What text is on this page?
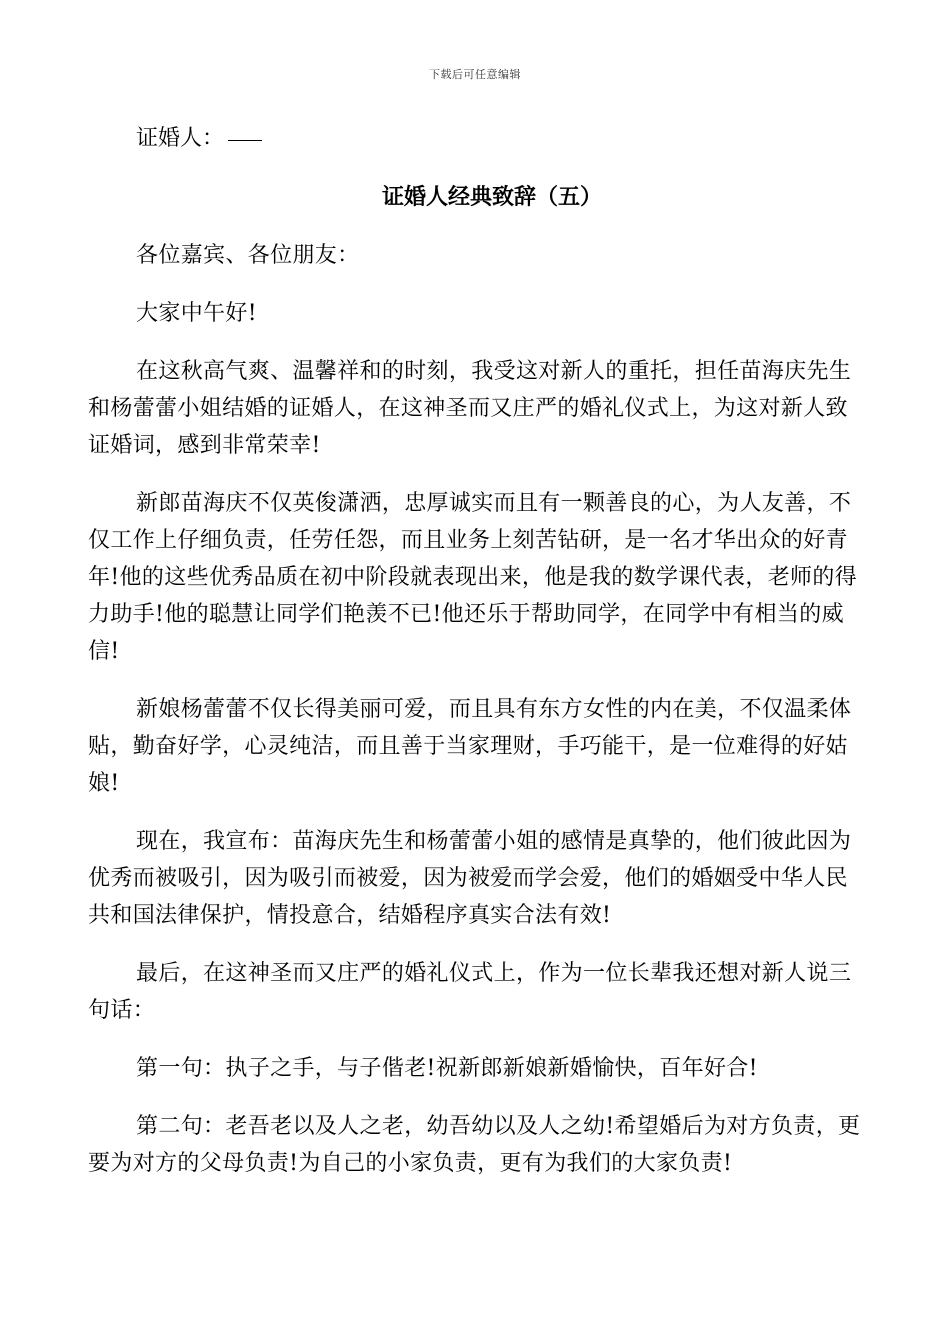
下载后可任意编辑
证婚人：
证婚人经典致辞（五）

各位嘉宾、各位朋友：

大家中午好!

在这秋高气爽、温馨祥和的时刻，我受这对新人的重托，担任苗海庆先生和杨蕾蕾小姐结婚的证婚人，在这神圣而又庄严的婚礼仪式上，为这对新人致证婚词，感到非常荣幸!

新郎苗海庆不仅英俊潇洒，忠厚诚实而且有一颗善良的心，为人友善，不仅工作上仔细负责，任劳任怨，而且业务上刻苦钻研，是一名才华出众的好青年!他的这些优秀品质在初中阶段就表现出来，他是我的数学课代表，老师的得力助手!他的聪慧让同学们艳羡不已!他还乐于帮助同学，在同学中有相当的威信!

新娘杨蕾蕾不仅长得美丽可爱，而且具有东方女性的内在美，不仅温柔体贴，勤奋好学，心灵纯洁，而且善于当家理财，手巧能干，是一位难得的好姑娘!

现在，我宣布：苗海庆先生和杨蕾蕾小姐的感情是真挚的，他们彼此因为优秀而被吸引，因为吸引而被爱，因为被爱而学会爱，他们的婚姻受中华人民共和国法律保护，情投意合，结婚程序真实合法有效!

最后，在这神圣而又庄严的婚礼仪式上，作为一位长辈我还想对新人说三句话：

第一句：执子之手，与子偕老!祝新郎新娘新婚愉快，百年好合!

第二句：老吾老以及人之老，幼吾幼以及人之幼!希望婚后为对方负责，更要为对方的父母负责!为自己的小家负责，更有为我们的大家负责!
